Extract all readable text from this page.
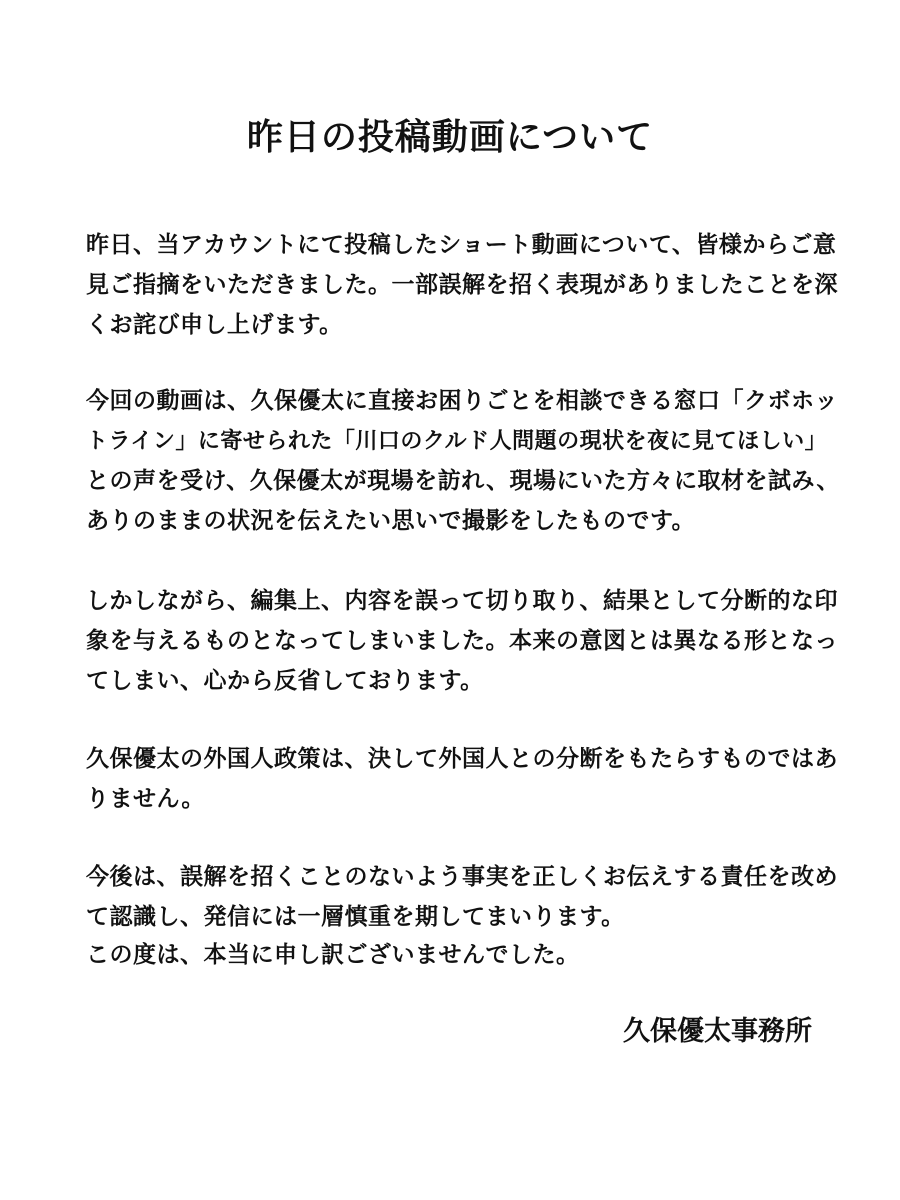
昨日の投稿動画について
昨日、当アカウントにて投稿したショート動画について、皆様からご意
見ご指摘をいただきました。一部誤解を招く表現がありましたことを深
くお詫び申し上げます。
今回の動画は、久保優太に直接お困りごとを相談できる窓口「クボホッ
トライン」に寄せられた「川口のクルド人問題の現状を夜に見てほしい」
との声を受け、久保優太が現場を訪れ、現場にいた方々に取材を試み、
ありのままの状況を伝えたい思いで撮影をしたものです。
しかしながら、編集上、内容を誤って切り取り、結果として分断的な印
象を与えるものとなってしまいました。本来の意図とは異なる形となっ
てしまい、心から反省しております。
久保優太の外国人政策は、決して外国人との分断をもたらすものではあ
りません。
今後は、誤解を招くことのないよう事実を正しくお伝えする責任を改め
て認識し、発信には一層慎重を期してまいります。
この度は、本当に申し訳ございませんでした。
久保優太事務所
